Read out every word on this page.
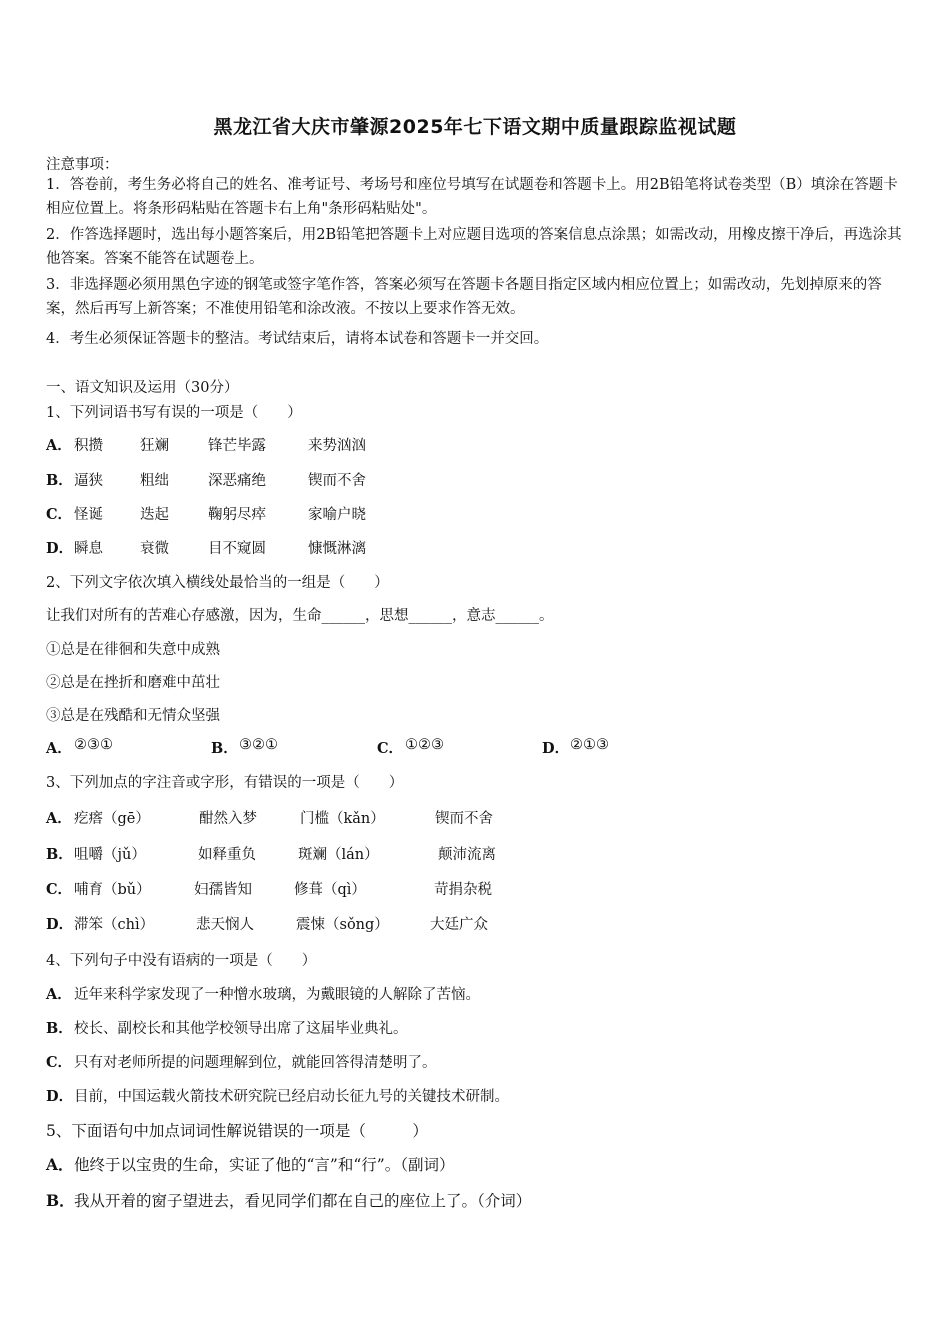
黑龙江省大庆市肇源2025年七下语文期中质量跟踪监视试题
注意事项：
1．答卷前，考生务必将自己的姓名、准考证号、考场号和座位号填写在试题卷和答题卡上。用2B铅笔将试卷类型（B）填涂在答题卡相应位置上。将条形码粘贴在答题卡右上角"条形码粘贴处"。
2．作答选择题时，选出每小题答案后，用2B铅笔把答题卡上对应题目选项的答案信息点涂黑；如需改动，用橡皮擦干净后，再选涂其他答案。答案不能答在试题卷上。
3．非选择题必须用黑色字迹的钢笔或签字笔作答，答案必须写在答题卡各题目指定区域内相应位置上；如需改动，先划掉原来的答案，然后再写上新答案；不准使用铅笔和涂改液。不按以上要求作答无效。
4．考生必须保证答题卡的整洁。考试结束后，请将本试卷和答题卡一并交回。
一、语文知识及运用（30分）
1、下列词语书写有误的一项是（　　）
A． 积攒	狂斓	锋芒毕露	来势汹汹
B． 逼狭	粗绌	深恶痛绝	锲而不舍
C． 怪诞	迭起	鞠躬尽瘁	家喻户晓
D． 瞬息	衰微	目不窥圆	慷慨淋漓
2、下列文字依次填入横线处最恰当的一组是（　　）
让我们对所有的苦难心存感激，因为，生命______，思想______，意志______。
①总是在徘徊和失意中成熟
②总是在挫折和磨难中茁壮
③总是在残酷和无情众坚强
A． ②③①	B． ③②①	C． ①②③	D． ②①③
3、下列加点的字注音或字形，有错误的一项是（　　）
A． 疙瘩（gē）	酣然入梦	门槛（kǎn）	锲而不舍
B． 咀嚼（jǔ）	如释重负	斑斓（lán）	颠沛流离
C． 哺育（bǔ）	妇孺皆知	修葺（qì）	苛捐杂税
D． 滞笨（chì）	悲天悯人	震悚（sǒng）	大廷广众
4、下列句子中没有语病的一项是（　　）
A． 近年来科学家发现了一种憎水玻璃，为戴眼镜的人解除了苦恼。
B． 校长、副校长和其他学校领导出席了这届毕业典礼。
C． 只有对老师所提的问题理解到位，就能回答得清楚明了。
D． 目前，中国运载火箭技术研究院已经启动长征九号的关键技术研制。
5、下面语句中加点词词性解说错误的一项是（　　　）
A． 他终于以宝贵的生命，实证了他的“言”和“行”。（副词）
B． 我从开着的窗子望进去，看见同学们都在自己的座位上了。（介词）
